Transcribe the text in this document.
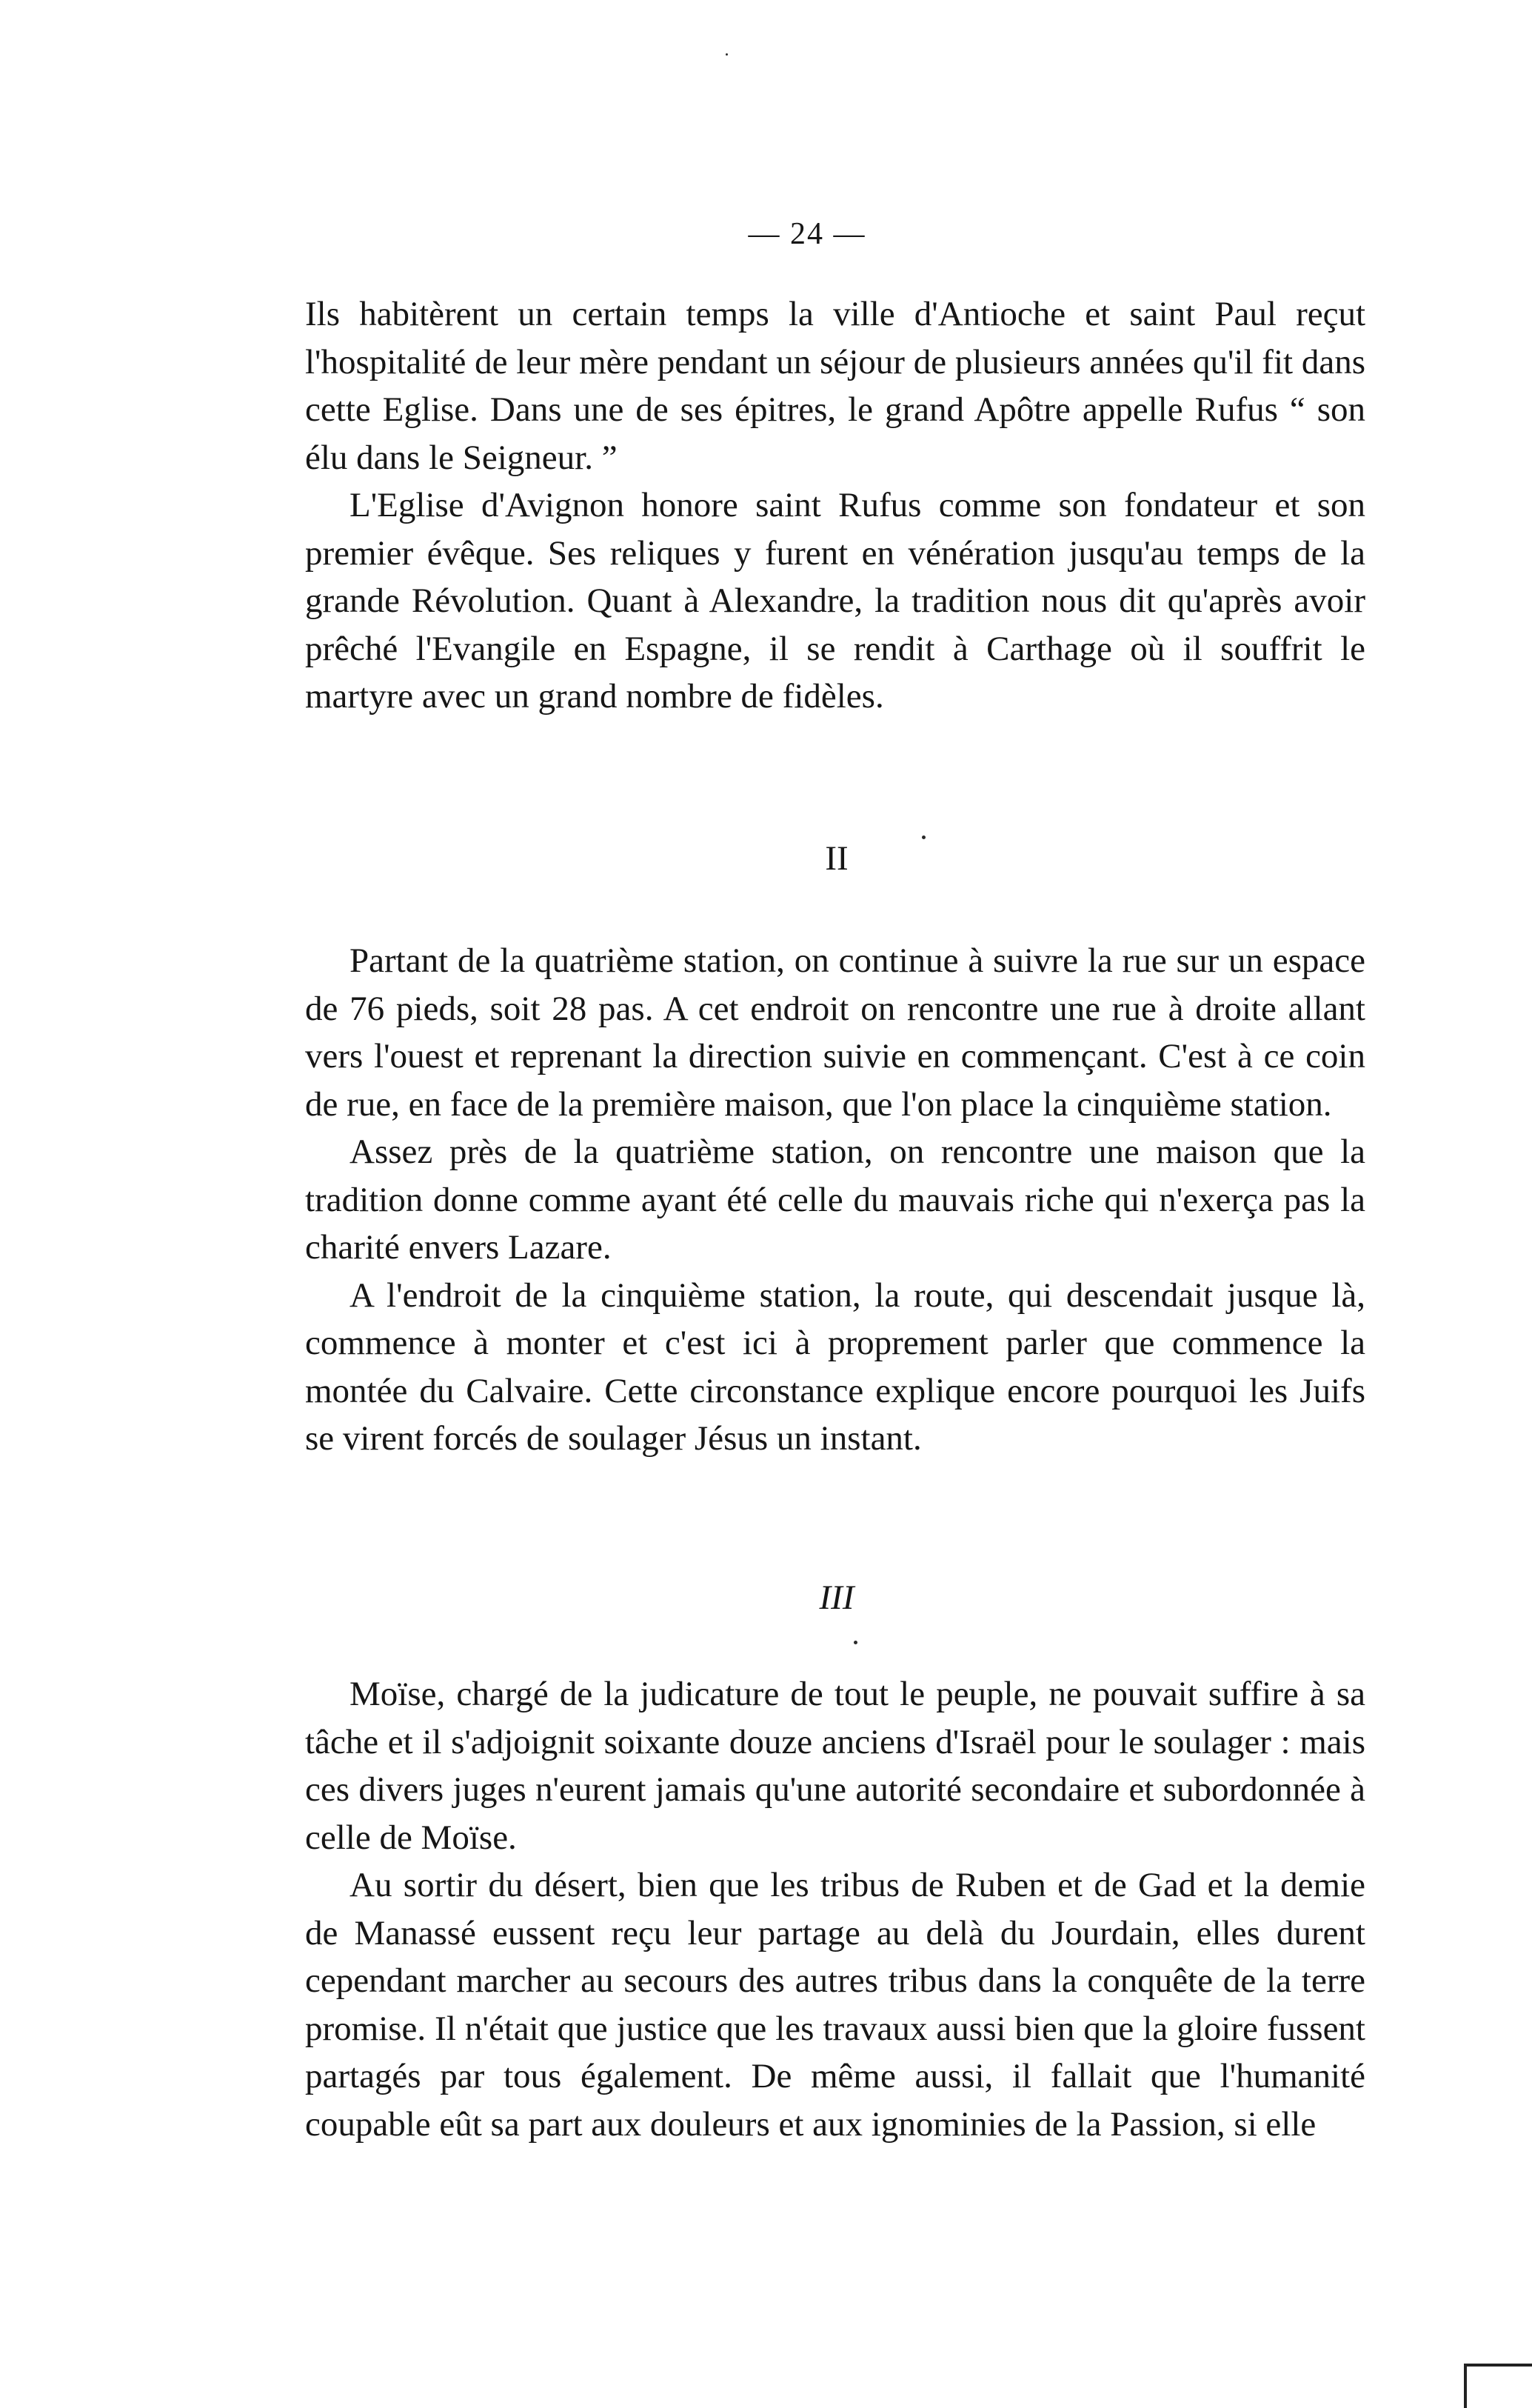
— 24 —

Ils habitèrent un certain temps la ville d'Antioche et saint Paul reçut l'hospitalité de leur mère pendant un séjour de plusieurs années qu'il fit dans cette Eglise. Dans une de ses épitres, le grand Apôtre appelle Rufus “ son élu dans le Seigneur. ”

L'Eglise d'Avignon honore saint Rufus comme son fondateur et son premier évêque. Ses reliques y furent en vénération jusqu'au temps de la grande Révolution. Quant à Alexandre, la tradition nous dit qu'après avoir prêché l'Evangile en Espagne, il se rendit à Carthage où il souffrit le martyre avec un grand nombre de fidèles.

II

Partant de la quatrième station, on continue à suivre la rue sur un espace de 76 pieds, soit 28 pas. A cet endroit on rencontre une rue à droite allant vers l'ouest et reprenant la direction suivie en commençant. C'est à ce coin de rue, en face de la première maison, que l'on place la cinquième station.

Assez près de la quatrième station, on rencontre une maison que la tradition donne comme ayant été celle du mauvais riche qui n'exerça pas la charité envers Lazare.

A l'endroit de la cinquième station, la route, qui descendait jusque là, commence à monter et c'est ici à proprement parler que commence la montée du Calvaire. Cette circonstance explique encore pourquoi les Juifs se virent forcés de soulager Jésus un instant.

III

Moïse, chargé de la judicature de tout le peuple, ne pouvait suffire à sa tâche et il s'adjoignit soixante douze anciens d'Israël pour le soulager : mais ces divers juges n'eurent jamais qu'une autorité secondaire et subordonnée à celle de Moïse.

Au sortir du désert, bien que les tribus de Ruben et de Gad et la demie de Manassé eussent reçu leur partage au delà du Jourdain, elles durent cependant marcher au secours des autres tribus dans la conquête de la terre promise. Il n'était que justice que les travaux aussi bien que la gloire fussent partagés par tous également. De même aussi, il fallait que l'humanité coupable eût sa part aux douleurs et aux ignominies de la Passion, si elle
